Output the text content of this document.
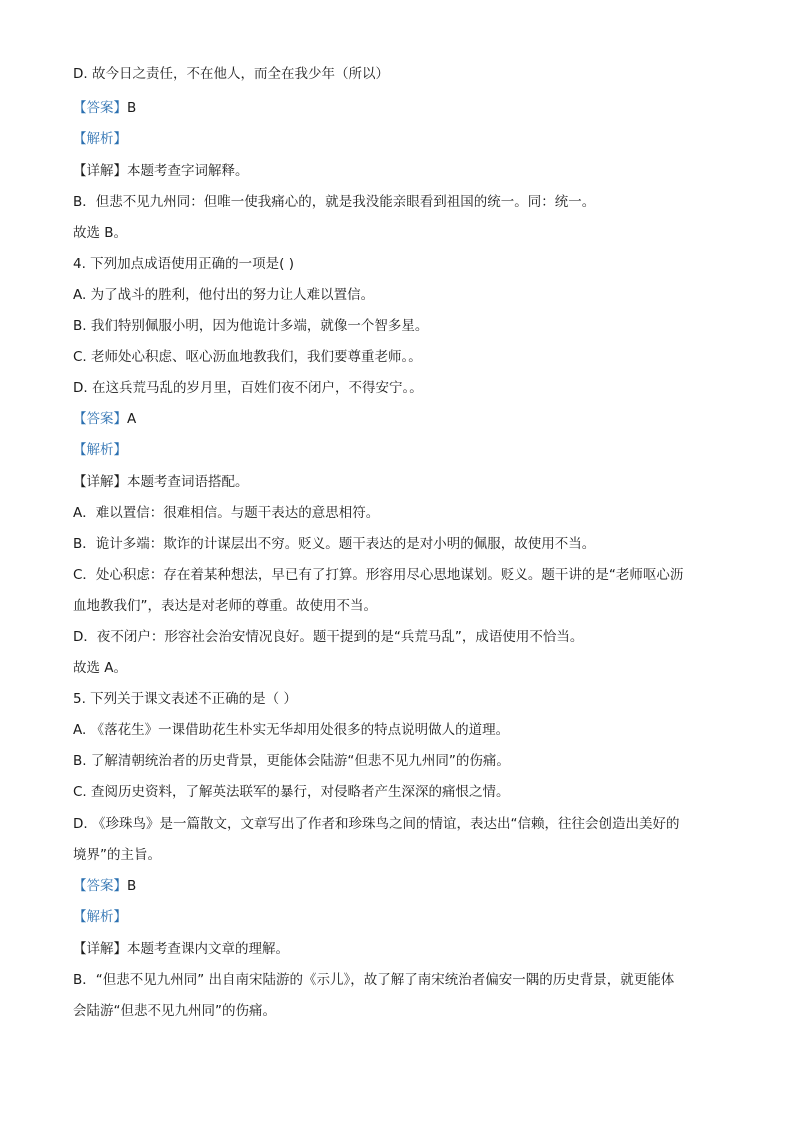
D. 故今日之责任，不在他人，而全在我少年（所以）
【答案】B
【解析】
【详解】本题考查字词解释。
B．但悲不见九州同：但唯一使我痛心的，就是我没能亲眼看到祖国的统一。同：统一。
故选 B。
4. 下列加点成语使用正确的一项是( )
A. 为了战斗的胜利，他付出的努力让人难以置信。
B. 我们特别佩服小明，因为他诡计多端，就像一个智多星。
C. 老师处心积虑、呕心沥血地教我们，我们要尊重老师。。
D. 在这兵荒马乱的岁月里，百姓们夜不闭户，不得安宁。。
【答案】A
【解析】
【详解】本题考查词语搭配。
A．难以置信：很难相信。与题干表达的意思相符。
B．诡计多端：欺诈的计谋层出不穷。贬义。题干表达的是对小明的佩服，故使用不当。
C．处心积虑：存在着某种想法，早已有了打算。形容用尽心思地谋划。贬义。题干讲的是“老师呕心沥
血地教我们”，表达是对老师的尊重。故使用不当。
D．夜不闭户：形容社会治安情况良好。题干提到的是“兵荒马乱”，成语使用不恰当。
故选 A。
5. 下列关于课文表述不正确的是（ ）
A. 《落花生》一课借助花生朴实无华却用处很多的特点说明做人的道理。
B. 了解清朝统治者的历史背景，更能体会陆游“但悲不见九州同”的伤痛。
C. 查阅历史资料，了解英法联军的暴行，对侵略者产生深深的痛恨之情。
D. 《珍珠鸟》是一篇散文，文章写出了作者和珍珠鸟之间的情谊，表达出“信赖，往往会创造出美好的
境界”的主旨。
【答案】B
【解析】
【详解】本题考查课内文章的理解。
B．“但悲不见九州同” 出自南宋陆游的《示儿》，故了解了南宋统治者偏安一隅的历史背景，就更能体
会陆游“但悲不见九州同”的伤痛。
